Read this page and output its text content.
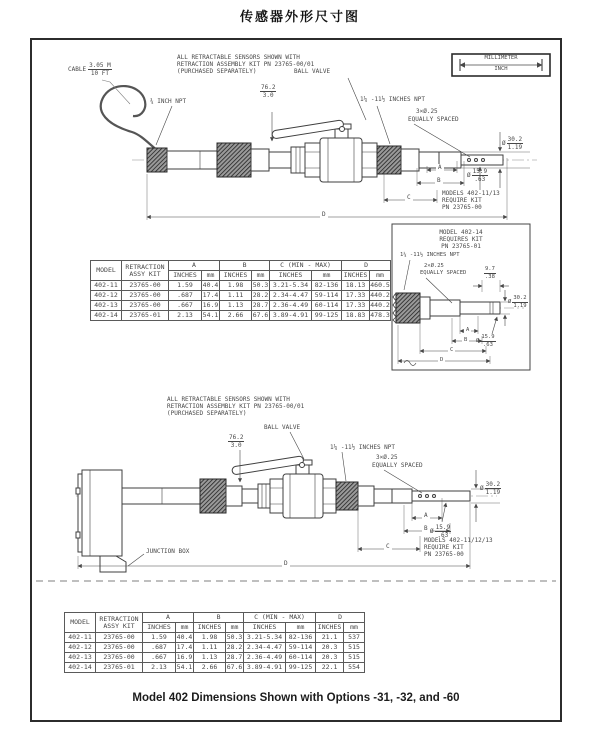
传感器外形尺寸图
MILLIMETER
INCH
ALL RETRACTABLE SENSORS SHOWN WITH
RETRACTION ASSEMBLY KIT PN 23765-00/01
(PURCHASED SEPARATELY)
CABLE $\frac{3.05 M}{10 FT}$
¾ INCH NPT
BALL VALVE
$\frac{76.2}{3.0}$
1¼ -11½ INCHES NPT
3×Ø.25
EQUALLY SPACED
Ø $\frac{30.2}{1.19}$
Ø $\frac{15.9}{.63}$
A
B
C
D
MODELS 402-11/13
REQUIRE KIT
PN 23765-00
MODEL 402-14
REQUIRES KIT
PN 23765-01
1¼ -11½ INCHES NPT
2×Ø.25
EQUALLY SPACED	$\frac{9.7}{.38}$
Ø $\frac{30.2}{1.19}$
Ø $\frac{15.9}{.63}$
A
B
C
D
MODEL	RETRACTION
ASSY KIT	A		B		C (MIN - MAX)		D	
		INCHES	mm	INCHES	mm	INCHES	mm	INCHES	mm
402-11	23765-00	1.59	40.4	1.98	50.3	3.21-5.34	82-136	18.13	460.5
402-12	23765-00	.687	17.4	1.11	28.2	2.34-4.47	59-114	17.33	440.2
402-13	23765-00	.667	16.9	1.13	28.7	2.36-4.49	60-114	17.33	440.2
402-14	23765-01	2.13	54.1	2.66	67.6	3.89-4.91	99-125	18.83	478.3
ALL RETRACTABLE SENSORS SHOWN WITH
RETRACTION ASSEMBLY KIT PN 23765-00/01
(PURCHASED SEPARATELY)
BALL VALVE
$\frac{76.2}{3.0}$	1¼ -11½ INCHES NPT
3×Ø.25
EQUALLY SPACED
JUNCTION BOX
Ø $\frac{30.2}{1.19}$
Ø $\frac{15.9}{.63}$
A
B
C
D
MODELS 402-11/12/13
REQUIRE KIT
PN 23765-00
MODEL	RETRACTION
ASSY KIT	A		B		C (MIN - MAX)		D	
		INCHES	mm	INCHES	mm	INCHES	mm	INCHES	mm
402-11	23765-00	1.59	40.4	1.98	50.3	3.21-5.34	82-136	21.1	537
402-12	23765-00	.687	17.4	1.11	28.2	2.34-4.47	59-114	20.3	515
402-13	23765-00	.667	16.9	1.13	28.7	2.36-4.49	60-114	20.3	515
402-14	23765-01	2.13	54.1	2.66	67.6	3.89-4.91	99-125	22.1	554
Model 402 Dimensions Shown with Options -31, -32, and -60
